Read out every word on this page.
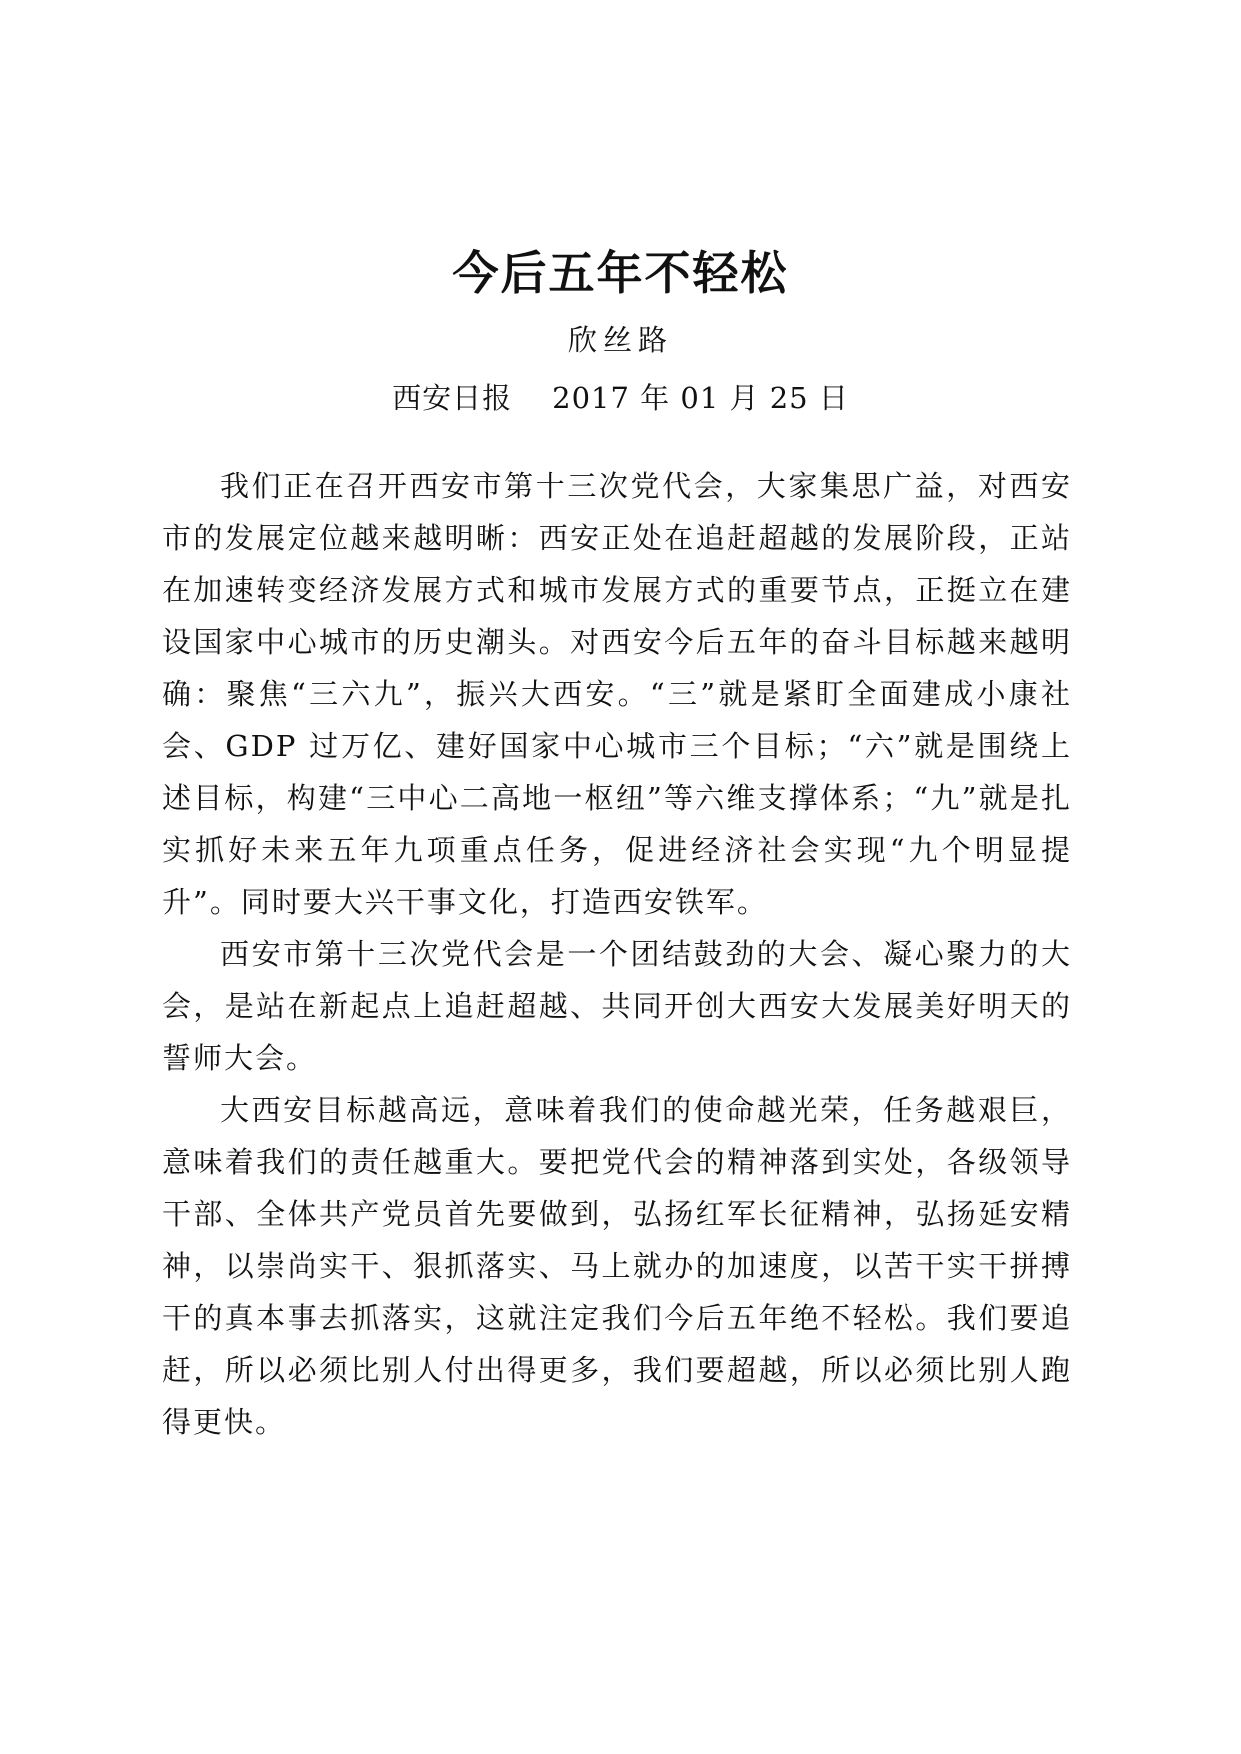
今后五年不轻松
欣丝路
西安日报 2017 年 01 月 25 日

我们正在召开西安市第十三次党代会，大家集思广益，对西安市的发展定位越来越明晰：西安正处在追赶超越的发展阶段，正站在加速转变经济发展方式和城市发展方式的重要节点，正挺立在建设国家中心城市的历史潮头。对西安今后五年的奋斗目标越来越明确：聚焦“三六九”，振兴大西安。“三”就是紧盯全面建成小康社会、GDP 过万亿、建好国家中心城市三个目标；“六”就是围绕上述目标，构建“三中心二高地一枢纽”等六维支撑体系；“九”就是扎实抓好未来五年九项重点任务，促进经济社会实现“九个明显提升”。同时要大兴干事文化，打造西安铁军。

西安市第十三次党代会是一个团结鼓劲的大会、凝心聚力的大会，是站在新起点上追赶超越、共同开创大西安大发展美好明天的誓师大会。

大西安目标越高远，意味着我们的使命越光荣，任务越艰巨，意味着我们的责任越重大。要把党代会的精神落到实处，各级领导干部、全体共产党员首先要做到，弘扬红军长征精神，弘扬延安精神，以崇尚实干、狠抓落实、马上就办的加速度，以苦干实干拼搏干的真本事去抓落实，这就注定我们今后五年绝不轻松。我们要追赶，所以必须比别人付出得更多，我们要超越，所以必须比别人跑得更快。
